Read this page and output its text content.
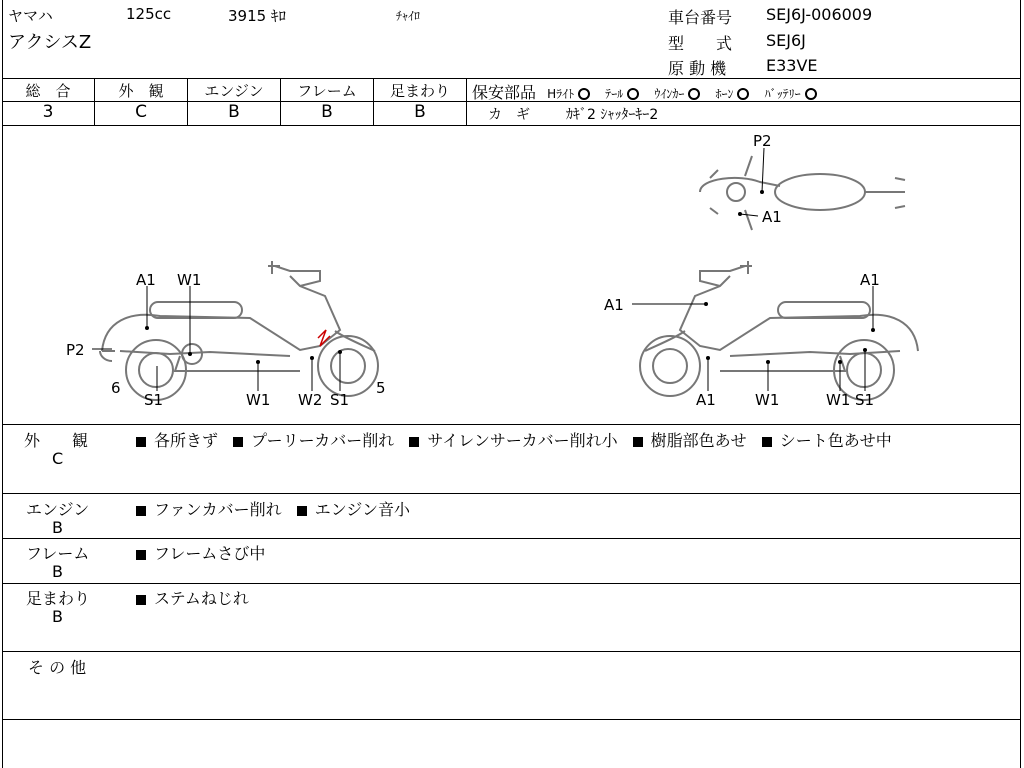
ヤマハ	125cc	3915 ｷﾛ	ﾁｬｲﾛ
アクシスZ
車台番号 SEJ6J-006009
型　　式 SEJ6J
原 動 機 E33VE
総　合
3
外　観
C
エンジン
B
フレーム
B
足まわり
B
保安部品 Hﾗｲﾄ	ﾃｰﾙ	ｳｲﾝｶｰ	ﾎｰﾝ	ﾊﾞｯﾃﾘｰ
カ　ギ	ｶｷﾞ2 ｼｬｯﾀｰｷｰ2
A1 W1
P2
6
S1	W1 W2 S1
5
A1
A1
A1	W1	W1 S1
P2
A1
外　　観
C
各所きず プーリーカバー削れ サイレンサーカバー削れ小 樹脂部色あせ シート色あせ中
エンジン
B
ファンカバー削れ エンジン音小
フレーム
B
フレームさび中
足まわり
B
ステムねじれ
そ の 他
